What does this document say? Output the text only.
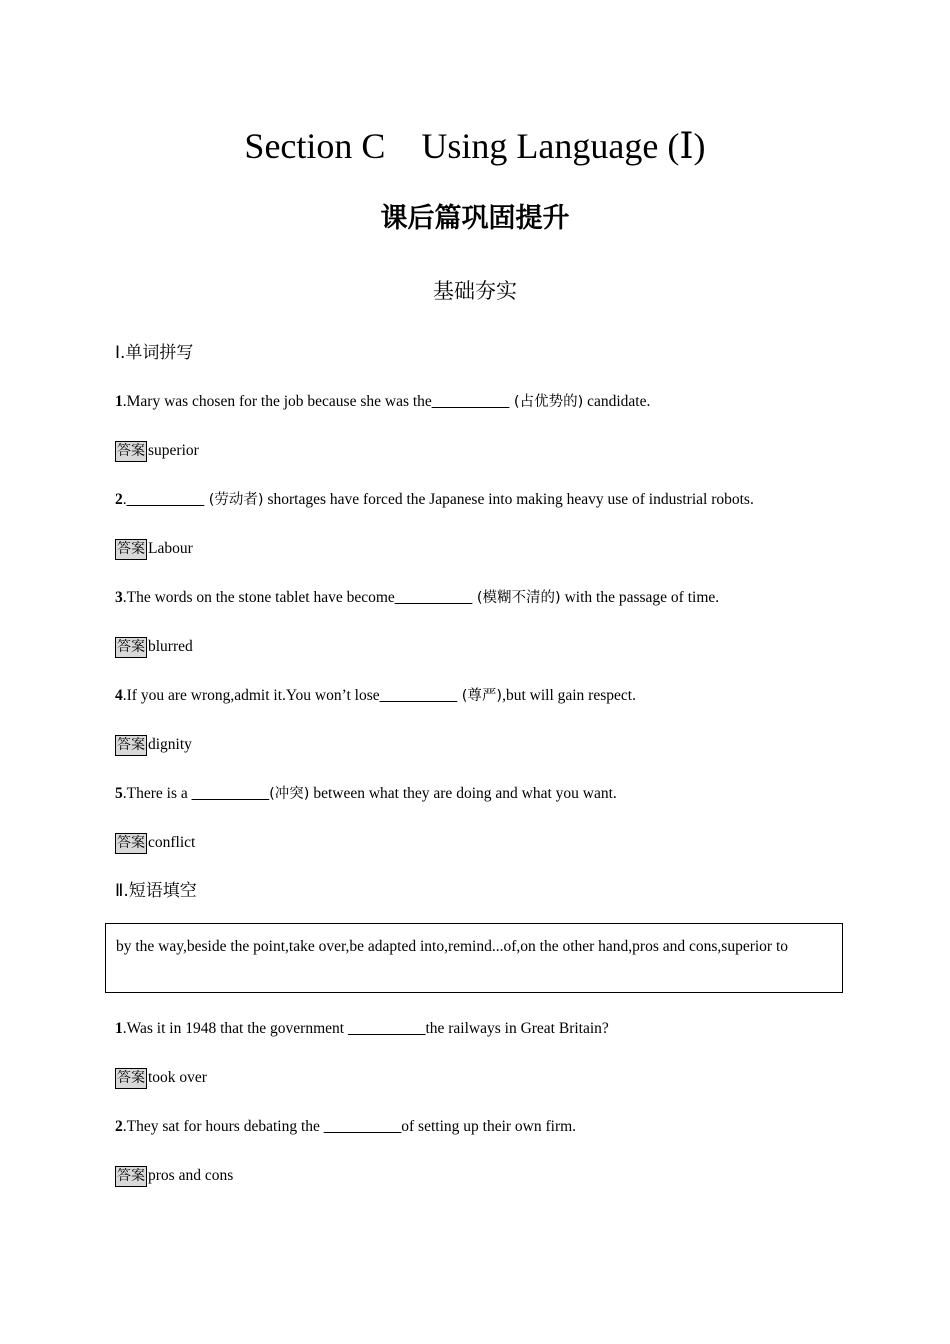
Section C    Using Language (Ⅰ)
课后篇巩固提升
基础夯实
Ⅰ.单词拼写
1.Mary was chosen for the job because she was the__________ (占优势的) candidate.
答案 superior
2.__________ (劳动者) shortages have forced the Japanese into making heavy use of industrial robots.
答案 Labour
3.The words on the stone tablet have become__________ (模糊不清的) with the passage of time.
答案 blurred
4.If you are wrong,admit it.You won’t lose__________ (尊严),but will gain respect.
答案 dignity
5.There is a __________(冲突) between what they are doing and what you want.
答案 conflict
Ⅱ.短语填空
by the way,beside the point,take over,be adapted into,remind...of,on the other hand,pros and cons,superior to
1.Was it in 1948 that the government __________the railways in Great Britain?
答案 took over
2.They sat for hours debating the __________of setting up their own firm.
答案 pros and cons
